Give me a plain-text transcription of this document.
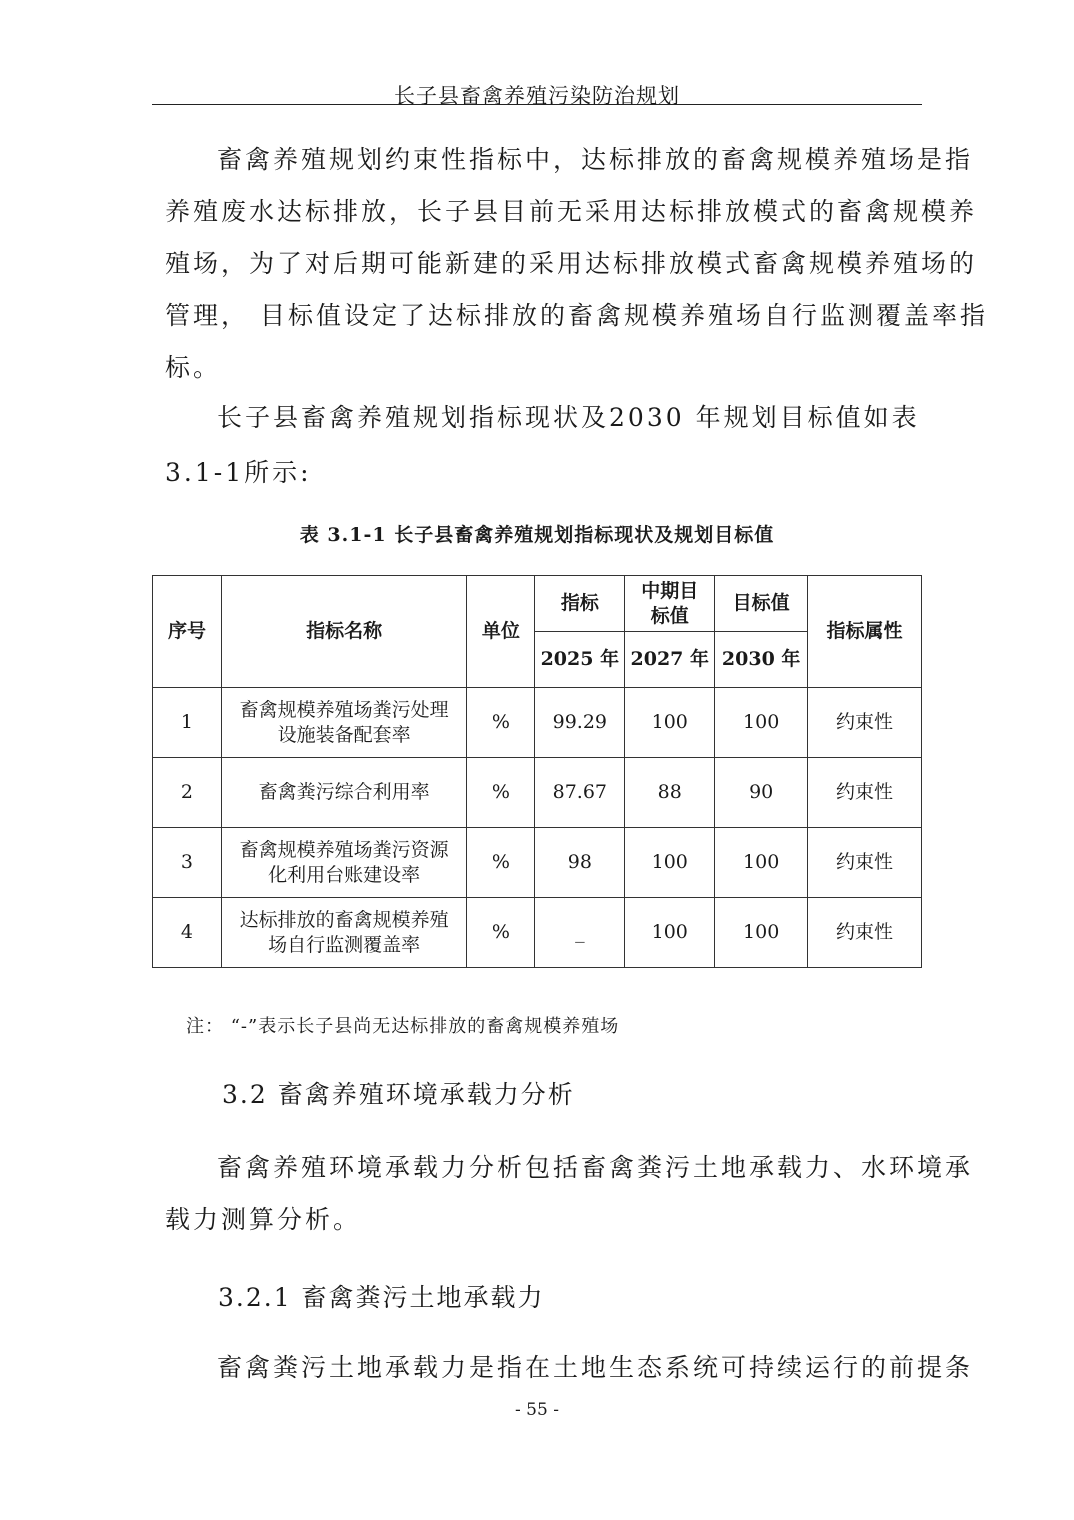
长子县畜禽养殖污染防治规划
畜禽养殖规划约束性指标中，达标排放的畜禽规模养殖场是指
养殖废水达标排放，长子县目前无采用达标排放模式的畜禽规模养
殖场，为了对后期可能新建的采用达标排放模式畜禽规模养殖场的
管理， 目标值设定了达标排放的畜禽规模养殖场自行监测覆盖率指
标。
长子县畜禽养殖规划指标现状及2030 年规划目标值如表
3.1-1所示:
表 3.1-1 长子县畜禽养殖规划指标现状及规划目标值
序号	指标名称	单位	指标	中期目标值	目标值	指标属性
			2025 年	2027 年	2030 年	
1	畜禽规模养殖场粪污处理设施装备配套率	%	99.29	100	100	约束性
2	畜禽粪污综合利用率	%	87.67	88	90	约束性
3	畜禽规模养殖场粪污资源化利用台账建设率	%	98	100	100	约束性
4	达标排放的畜禽规模养殖场自行监测覆盖率	%	_	100	100	约束性
注： “-”表示长子县尚无达标排放的畜禽规模养殖场
3.2 畜禽养殖环境承载力分析
畜禽养殖环境承载力分析包括畜禽粪污土地承载力、水环境承
载力测算分析。
3.2.1 畜禽粪污土地承载力
畜禽粪污土地承载力是指在土地生态系统可持续运行的前提条
- 55 -
